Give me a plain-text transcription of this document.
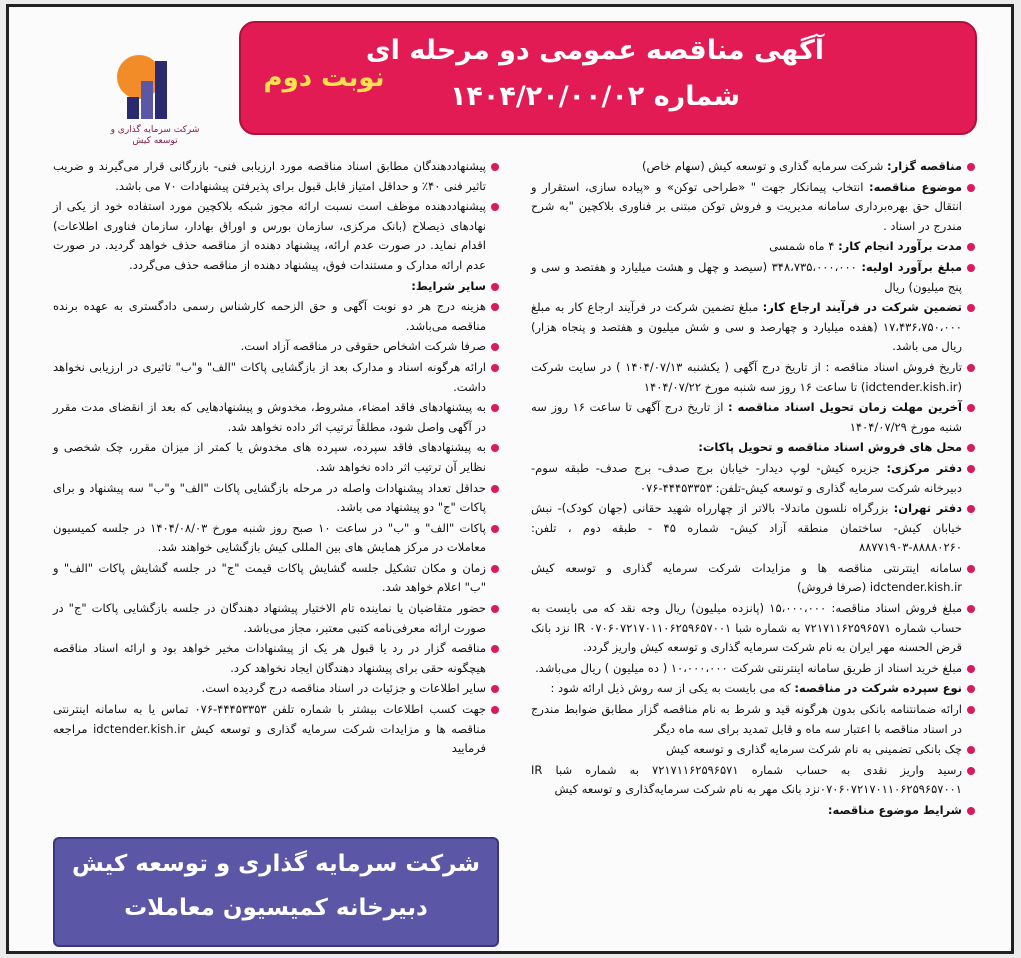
شرکت سرمایه گذاری و توسعه کیش
آگهی مناقصه عمومی دو مرحله ای
شماره ۱۴۰۴/۲۰/۰۰/۰۲
نوبت دوم
مناقصه گزار: شرکت سرمایه گذاری و توسعه کیش (سهام خاص)
موضوع مناقصه: انتخاب پیمانکار جهت " «طراحی توکن» و «پیاده سازی، استقرار و انتقال حق بهره‌برداری سامانه مدیریت و فروش توکن مبتنی بر فناوری بلاکچین "به شرح مندرج در اسناد .
مدت برآورد انجام کار: ۴ ماه شمسی
مبلغ برآورد اولیه: ۳۴۸،۷۳۵،۰۰۰،۰۰۰ (سیصد و چهل و هشت میلیارد و هفتصد و سی و پنج میلیون) ریال
تضمین شرکت در فرآیند ارجاع کار: مبلغ تضمین شرکت در فرآیند ارجاع کار به مبلغ ۱۷،۴۳۶،۷۵۰،۰۰۰ (هفده میلیارد و چهارصد و سی و شش میلیون و هفتصد و پنجاه هزار) ریال می باشد.
تاریخ فروش اسناد مناقصه : از تاریخ درج آگهی ( یکشنبه ۱۴۰۴/۰۷/۱۳ ) در سایت شرکت (idctender.kish.ir) تا ساعت ۱۶ روز سه شنبه مورخ ۱۴۰۴/۰۷/۲۲
آخرین مهلت زمان تحویل اسناد مناقصه : از تاریخ درج آگهی تا ساعت ۱۶ روز سه شنبه مورخ ۱۴۰۴/۰۷/۲۹
محل های فروش اسناد مناقصه و تحویل پاکات:
دفتر مرکزی: جزیره کیش- لوپ دیدار- خیابان برج صدف- برج صدف- طبقه سوم- دبیرخانه شرکت سرمایه گذاری و توسعه کیش-تلفن: ۴۴۴۵۳۳۵۳-۰۷۶
دفتر تهران: بزرگراه نلسون ماندلا- بالاتر از چهارراه شهید حقانی (جهان کودک)- نبش خیابان کیش- ساختمان منطقه آزاد کیش- شماره ۴۵ - طبقه دوم ، تلفن: ۸۸۸۸۰۲۶۰-۸۸۷۷۱۹۰۳
سامانه اینترنتی مناقصه ها و مزایدات شرکت سرمایه گذاری و توسعه کیش idctender.kish.ir (صرفا فروش)
مبلغ فروش اسناد مناقصه: ۱۵،۰۰۰،۰۰۰ (پانزده میلیون) ریال وجه نقد که می بایست به حساب شماره ۷۲۱۷۱۱۶۲۵۹۶۵۷۱ به شماره شبا IR ۰۷۰۶۰۷۲۱۷۰۱۱۰۶۲۵۹۶۵۷۰۰۱ نزد بانک قرض الحسنه مهر ایران به نام شرکت سرمایه گذاری و توسعه کیش واریز گردد.
مبلغ خرید اسناد از طریق سامانه اینترنتی شرکت ۱۰،۰۰۰،۰۰۰ ( ده میلیون ) ریال می‌باشد.
نوع سپرده شرکت در مناقصه: که می بایست به یکی از سه روش ذیل ارائه شود :
ارائه ضمانتنامه بانکی بدون هرگونه قید و شرط به نام مناقصه گزار مطابق ضوابط مندرج در اسناد مناقصه با اعتبار سه ماه و قابل تمدید برای سه ماه دیگر
چک بانکی تضمینی به نام شرکت سرمایه گذاری و توسعه کیش
رسید واریز نقدی به حساب شماره ۷۲۱۷۱۱۶۲۵۹۶۵۷۱ به شماره شبا IR ۰۷۰۶۰۷۲۱۷۰۱۱۰۶۲۵۹۶۵۷۰۰۱نزد بانک مهر به نام شرکت سرمایه‌گذاری و توسعه کیش
شرایط موضوع مناقصه:
پیشنهاددهندگان مطابق اسناد مناقصه مورد ارزیابی فنی- بازرگانی قرار می‌گیرند و ضریب تاثیر فنی ۴۰٪ و حداقل امتیاز قابل قبول برای پذیرفتن پیشنهادات ۷۰ می باشد.
پیشنهاددهنده موظف است نسبت ارائه مجوز شبکه بلاکچین مورد استفاده خود از یکی از نهادهای ذیصلاح (بانک مرکزی، سازمان بورس و اوراق بهادار، سازمان فناوری اطلاعات) اقدام نماید. در صورت عدم ارائه، پیشنهاد دهنده از مناقصه حذف خواهد گردید. در صورت عدم ارائه مدارک و مستندات فوق، پیشنهاد دهنده از مناقصه حذف می‌گردد.
سایر شرایط:
هزینه درج هر دو نوبت آگهی و حق الزحمه کارشناس رسمی دادگستری به عهده برنده مناقصه می‌باشد.
صرفا شرکت اشخاص حقوقی در مناقصه آزاد است.
ارائه هرگونه اسناد و مدارک بعد از بازگشایی پاکات "الف" و"ب" تاثیری در ارزیابی نخواهد داشت.
به پیشنهادهای فاقد امضاء، مشروط، مخدوش و پیشنهادهایی که بعد از انقضای مدت مقرر در آگهی واصل شود، مطلقاً ترتیب اثر داده نخواهد شد.
به پیشنهادهای فاقد سپرده، سپرده های مخدوش یا کمتر از میزان مقرر، چک شخصی و نظایر آن ترتیب اثر داده نخواهد شد.
حداقل تعداد پیشنهادات واصله در مرحله بازگشایی پاکات "الف" و"ب" سه پیشنهاد و برای پاکات "ج" دو پیشنهاد می باشد.
پاکات "الف" و "ب" در ساعت ۱۰ صبح روز شنبه مورخ ۱۴۰۴/۰۸/۰۳ در جلسه کمیسیون معاملات در مرکز همایش های بین المللی کیش بازگشایی خواهند شد.
زمان و مکان تشکیل جلسه گشایش پاکات قیمت "ج" در جلسه گشایش پاکات "الف" و "ب" اعلام خواهد شد.
حضور متقاضیان یا نماینده تام الاختیار پیشنهاد دهندگان در جلسه بازگشایی پاکات "ج" در صورت ارائه معرفی‌نامه کتبی معتبر، مجاز می‌باشد.
مناقصه گزار در رد یا قبول هر یک از پیشنهادات مخیر خواهد بود و ارائه اسناد مناقصه هیچگونه حقی برای پیشنهاد دهندگان ایجاد نخواهد کرد.
سایر اطلاعات و جزئیات در اسناد مناقصه درج گردیده است.
جهت کسب اطلاعات بیشتر با شماره تلفن ۴۴۴۵۳۳۵۳-۰۷۶ تماس یا به سامانه اینترنتی مناقصه ها و مزایدات شرکت سرمایه گذاری و توسعه کیش idctender.kish.ir مراجعه فرمایید
شرکت سرمایه گذاری و توسعه کیش
دبیرخانه کمیسیون معاملات
